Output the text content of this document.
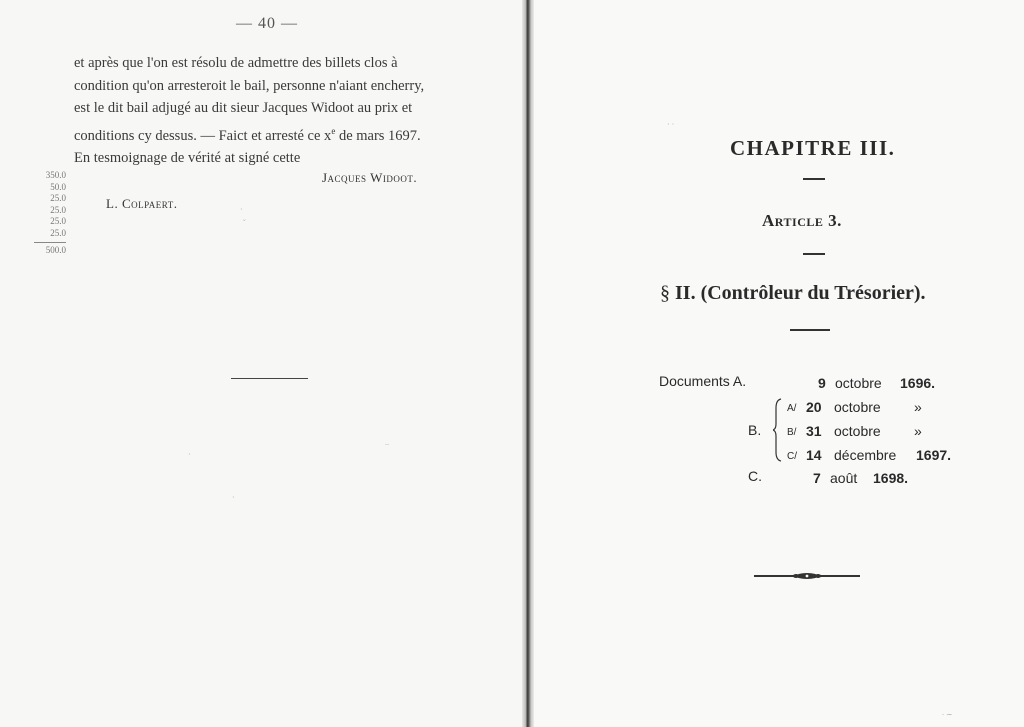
— 40 —
et après que l'on est résolu de admettre des billets clos à
condition qu'on arresteroit le bail, personne n'aiant encherry,
est le dit bail adjugé au dit sieur Jacques Widoot au prix et
conditions cy dessus. — Faict et arresté ce $x^e$ de mars 1697.
En tesmoignage de vérité at signé cette
Jacques Widoot.
L. Colpaert.
350.0
50.0
25.0
25.0
25.0
25.0
500.0
·
˘
∙∙
·
·
CHAPITRE III.
Article 3.
§ II. (Contrôleur du Trésorier).
Documents A.	9 octobre 1696.
B.
A/ 20 octobre »
B/ 31 octobre »
C/ 14 décembre 1697.
C.	7 août 1698.
· ·
∙ ∼
